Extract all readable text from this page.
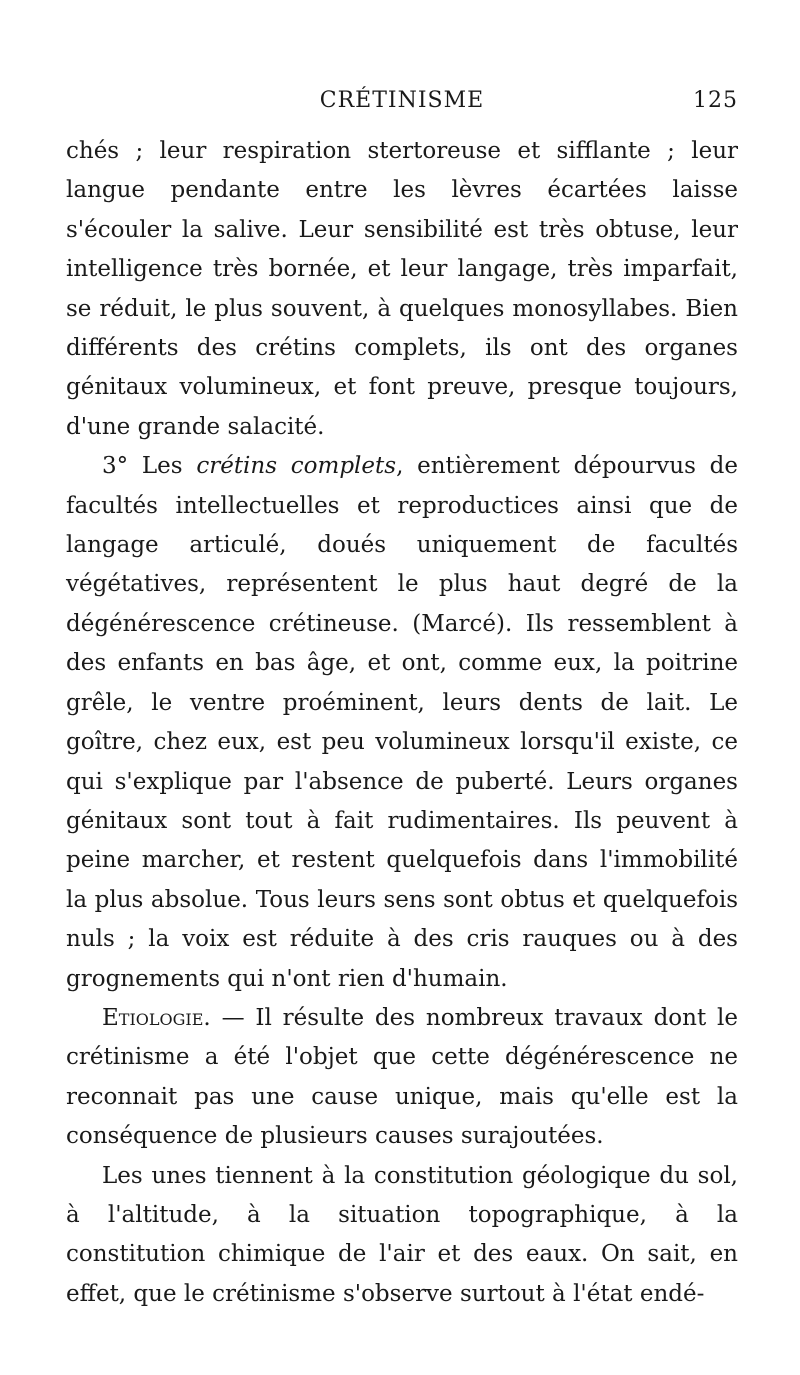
CRÉTINISME	125

chés ; leur respiration stertoreuse et sifflante ; leur langue pendante entre les lèvres écartées laisse s'écouler la salive. Leur sensibilité est très obtuse, leur intelligence très bornée, et leur langage, très imparfait, se réduit, le plus souvent, à quelques monosyllabes. Bien différents des crétins complets, ils ont des organes génitaux volumineux, et font preuve, presque toujours, d'une grande salacité.

3° Les crétins complets, entièrement dépourvus de facultés intellectuelles et reproductices ainsi que de langage articulé, doués uniquement de facultés végétatives, représentent le plus haut degré de la dégénérescence crétineuse. (Marcé). Ils ressemblent à des enfants en bas âge, et ont, comme eux, la poitrine grêle, le ventre proéminent, leurs dents de lait. Le goître, chez eux, est peu volumineux lorsqu'il existe, ce qui s'explique par l'absence de puberté. Leurs organes génitaux sont tout à fait rudimentaires. Ils peuvent à peine marcher, et restent quelquefois dans l'immobilité la plus absolue. Tous leurs sens sont obtus et quelquefois nuls ; la voix est réduite à des cris rauques ou à des grognements qui n'ont rien d'humain.

Etiologie. — Il résulte des nombreux travaux dont le crétinisme a été l'objet que cette dégénérescence ne reconnait pas une cause unique, mais qu'elle est la conséquence de plusieurs causes surajoutées.

Les unes tiennent à la constitution géologique du sol, à l'altitude, à la situation topographique, à la constitution chimique de l'air et des eaux. On sait, en effet, que le crétinisme s'observe surtout à l'état endé-
